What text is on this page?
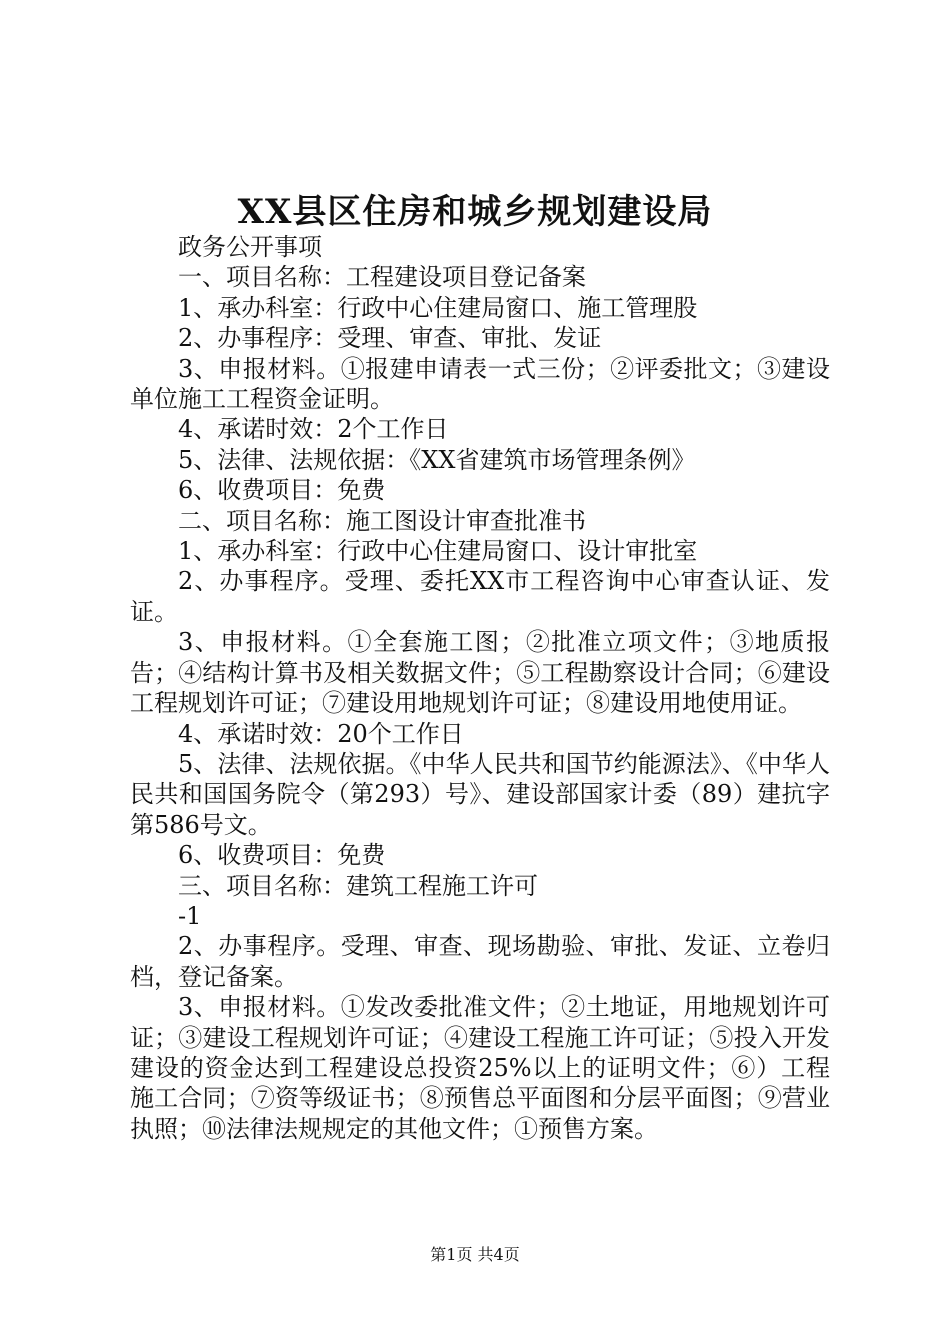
XX县区住房和城乡规划建设局

政务公开事项

一、项目名称：工程建设项目登记备案

1、承办科室：行政中心住建局窗口、施工管理股

2、办事程序：受理、审查、审批、发证

3、申报材料。①报建申请表一式三份；②评委批文；③建设单位施工工程资金证明。

4、承诺时效：2个工作日

5、法律、法规依据：《XX省建筑市场管理条例》

6、收费项目：免费

二、项目名称：施工图设计审查批准书

1、承办科室：行政中心住建局窗口、设计审批室

2、办事程序。受理、委托XX市工程咨询中心审查认证、发证。

3、申报材料。①全套施工图；②批准立项文件；③地质报告；④结构计算书及相关数据文件；⑤工程勘察设计合同；⑥建设工程规划许可证；⑦建设用地规划许可证；⑧建设用地使用证。

4、承诺时效：20个工作日

5、法律、法规依据。《中华人民共和国节约能源法》、《中华人民共和国国务院令（第293）号》、建设部国家计委（89）建抗字第586号文。

6、收费项目：免费

三、项目名称：建筑工程施工许可

-1

2、办事程序。受理、审查、现场勘验、审批、发证、立卷归档，登记备案。

3、申报材料。①发改委批准文件；②土地证，用地规划许可证；③建设工程规划许可证；④建设工程施工许可证；⑤投入开发建设的资金达到工程建设总投资25%以上的证明文件；⑥）工程施工合同；⑦资等级证书；⑧预售总平面图和分层平面图；⑨营业执照；⑩法律法规规定的其他文件；①预售方案。

第1页 共4页
